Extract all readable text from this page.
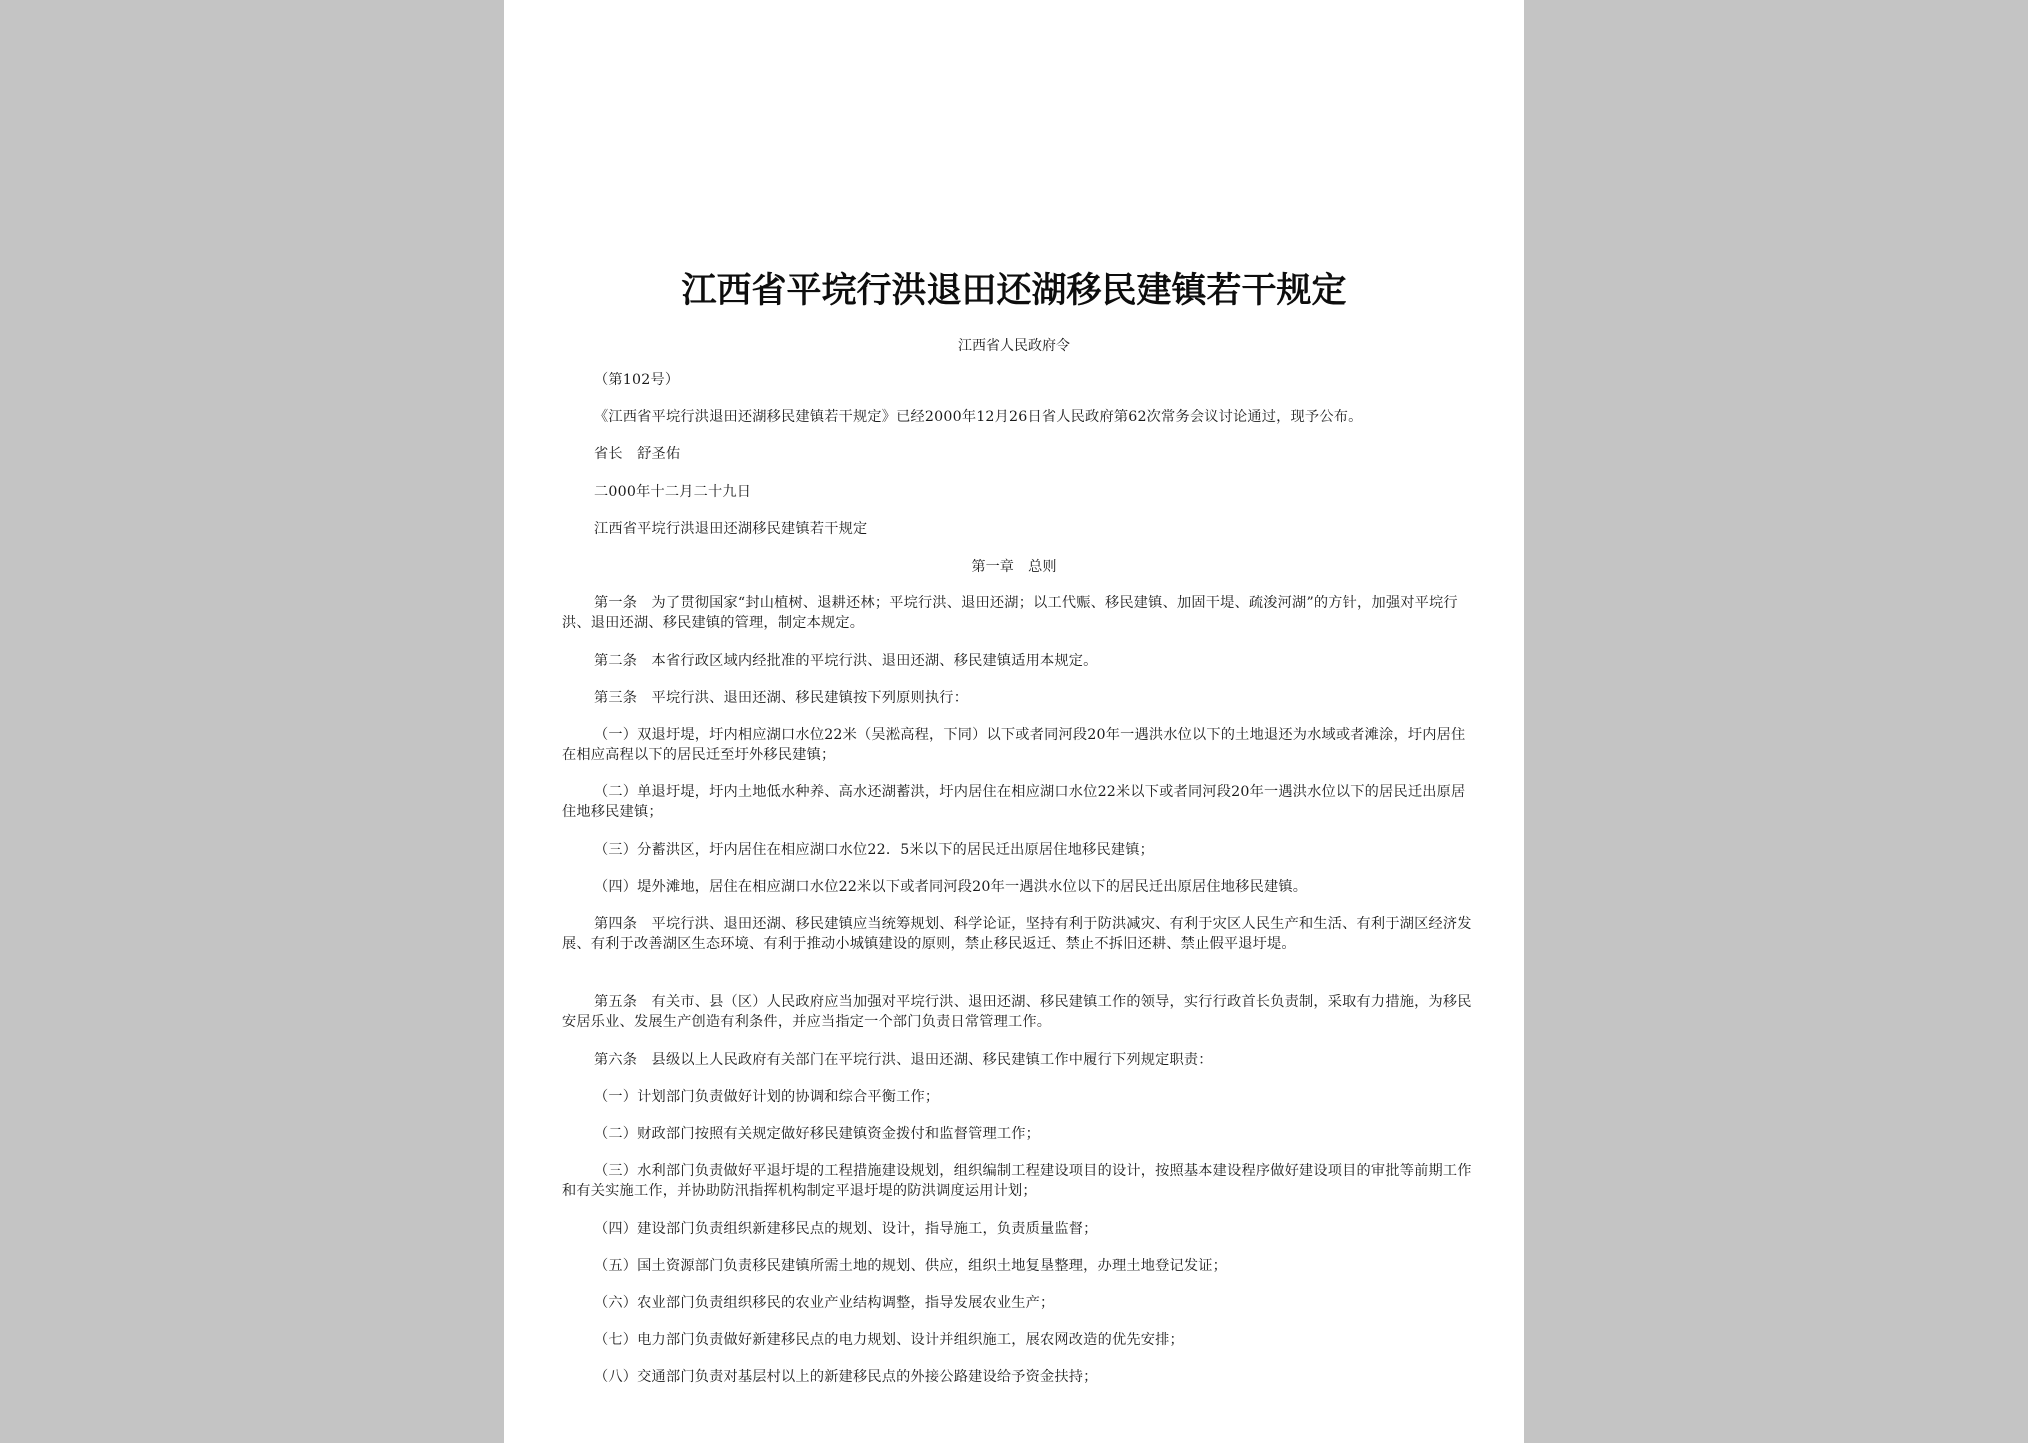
江西省平垸行洪退田还湖移民建镇若干规定
江西省人民政府令
（第102号）
《江西省平垸行洪退田还湖移民建镇若干规定》已经2000年12月26日省人民政府第62次常务会议讨论通过，现予公布。
省长　舒圣佑
二000年十二月二十九日
江西省平垸行洪退田还湖移民建镇若干规定
第一章　总则
第一条　为了贯彻国家“封山植树、退耕还林；平垸行洪、退田还湖；以工代赈、移民建镇、加固干堤、疏浚河湖”的方针，加强对平垸行洪、退田还湖、移民建镇的管理，制定本规定。
第二条　本省行政区域内经批准的平垸行洪、退田还湖、移民建镇适用本规定。
第三条　平垸行洪、退田还湖、移民建镇按下列原则执行：
（一）双退圩堤，圩内相应湖口水位22米（吴淞高程，下同）以下或者同河段20年一遇洪水位以下的土地退还为水域或者滩涂，圩内居住在相应高程以下的居民迁至圩外移民建镇；
（二）单退圩堤，圩内土地低水种养、高水还湖蓄洪，圩内居住在相应湖口水位22米以下或者同河段20年一遇洪水位以下的居民迁出原居住地移民建镇；
（三）分蓄洪区，圩内居住在相应湖口水位22．5米以下的居民迁出原居住地移民建镇；
（四）堤外滩地，居住在相应湖口水位22米以下或者同河段20年一遇洪水位以下的居民迁出原居住地移民建镇。
第四条　平垸行洪、退田还湖、移民建镇应当统筹规划、科学论证，坚持有利于防洪减灾、有利于灾区人民生产和生活、有利于湖区经济发展、有利于改善湖区生态环境、有利于推动小城镇建设的原则，禁止移民返迁、禁止不拆旧还耕、禁止假平退圩堤。
第五条　有关市、县（区）人民政府应当加强对平垸行洪、退田还湖、移民建镇工作的领导，实行行政首长负责制，采取有力措施，为移民安居乐业、发展生产创造有利条件，并应当指定一个部门负责日常管理工作。
第六条　县级以上人民政府有关部门在平垸行洪、退田还湖、移民建镇工作中履行下列规定职责：
（一）计划部门负责做好计划的协调和综合平衡工作；
（二）财政部门按照有关规定做好移民建镇资金拨付和监督管理工作；
（三）水利部门负责做好平退圩堤的工程措施建设规划，组织编制工程建设项目的设计，按照基本建设程序做好建设项目的审批等前期工作和有关实施工作，并协助防汛指挥机构制定平退圩堤的防洪调度运用计划；
（四）建设部门负责组织新建移民点的规划、设计，指导施工，负责质量监督；
（五）国土资源部门负责移民建镇所需土地的规划、供应，组织土地复垦整理，办理土地登记发证；
（六）农业部门负责组织移民的农业产业结构调整，指导发展农业生产；
（七）电力部门负责做好新建移民点的电力规划、设计并组织施工，展农网改造的优先安排；
（八）交通部门负责对基层村以上的新建移民点的外接公路建设给予资金扶持；
